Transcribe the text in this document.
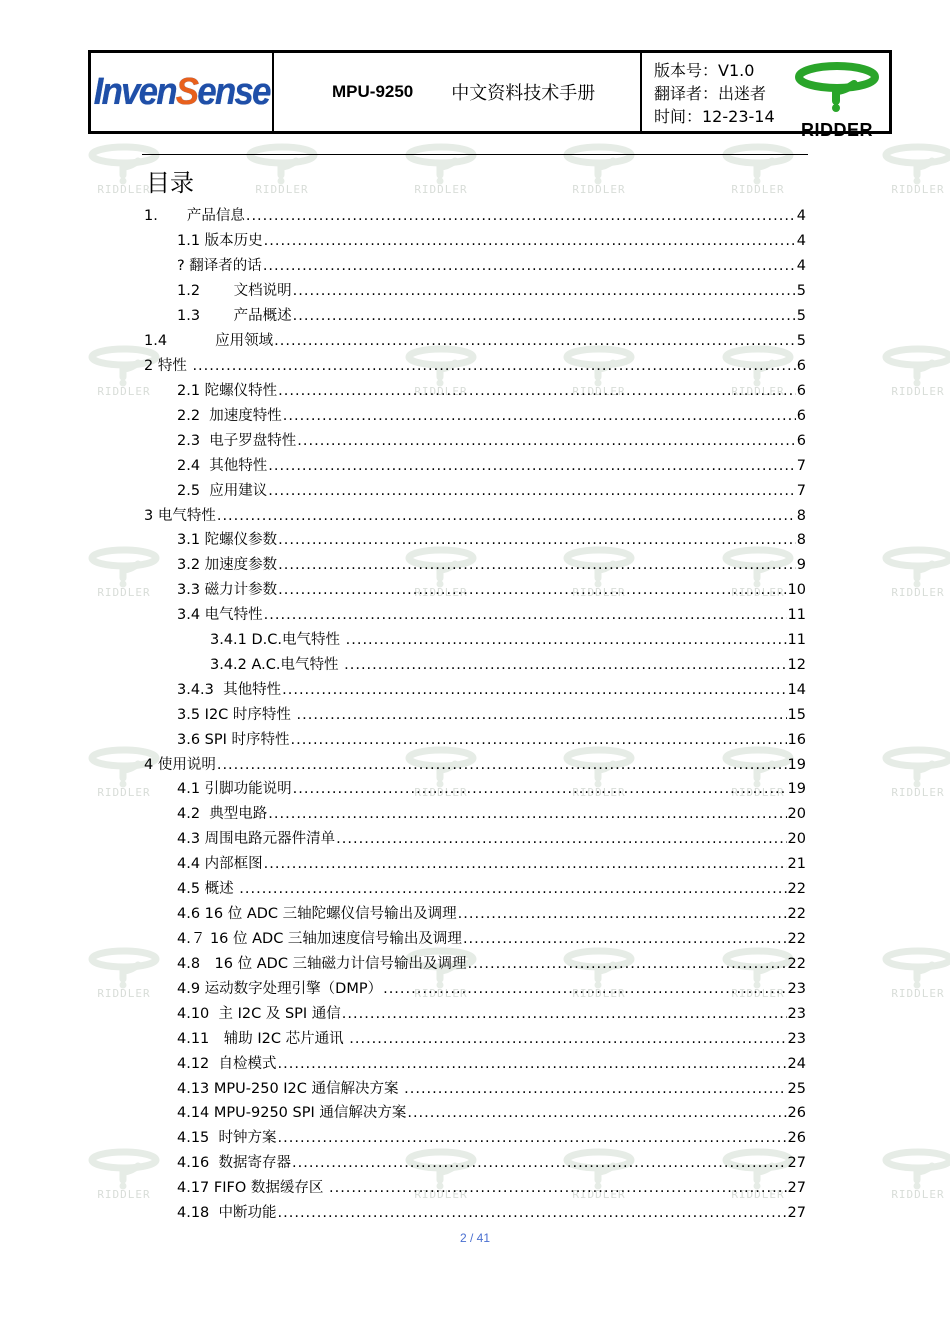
RIDDLER	RIDDLER	RIDDLER	RIDDLER	RIDDLER	RIDDLER
RIDDLER	RIDDLER	RIDDLER	RIDDLER	RIDDLER
RIDDLER	RIDDLER	RIDDLER	RIDDLER	RIDDLER
RIDDLER	RIDDLER	RIDDLER	RIDDLER	RIDDLER
RIDDLER	RIDDLER	RIDDLER	RIDDLER	RIDDLER
RIDDLER	RIDDLER	RIDDLER	RIDDLER	RIDDLER
InvenSense	MPU-9250 中文资料技术手册
版本号：V1.0
翻译者：出迷者
时间：12-23-14
RIDDER
目录
1.　　产品信息 .....	4
1.1 版本历史 .....	4
? 翻译者的话 .....	4
1.2　　 文档说明 .....	5
1.3　　 产品概述 .....	5
1.4　　 　应用领域 .....	5
2 特性 .....	6
2.1 陀螺仪特性 .....	6
2.2  加速度特性 .....	6
2.3  电子罗盘特性 .....	6
2.4  其他特性 .....	7
2.5  应用建议 .....	7
3 电气特性 .....	8
3.1 陀螺仪参数 .....	8
3.2 加速度参数 .....	9
3.3 磁力计参数 .....	10
3.4 电气特性 .....	11
3.4.1 D.C.电气特性 .....	11
3.4.2 A.C.电气特性 .....	12
3.4.3  其他特性 .....	14
3.5 I2C 时序特性 .....	15
3.6 SPI 时序特性 .....	16
4 使用说明 .....	19
4.1 引脚功能说明 .....	19
4.2  典型电路 .....	20
4.3 周围电路元器件清单 .....	20
4.4 内部框图 .....	21
4.5 概述 .....	22
4.6 16 位 ADC 三轴陀螺仪信号输出及调理 .....	22
4.７ 16 位 ADC 三轴加速度信号输出及调理 .....	22
4.8　16 位 ADC 三轴磁力计信号输出及调理 .....	22
4.9 运动数字处理引擎（DMP） .....	23
4.10  主 I2C 及 SPI 通信 .....	23
4.11　辅助 I2C 芯片通讯 .....	23
4.12  自检模式 .....	24
4.13 MPU-250 I2C 通信解决方案 .....	25
4.14 MPU-9250 SPI 通信解决方案 .....	26
4.15  时钟方案 .....	26
4.16  数据寄存器 .....	27
4.17 FIFO 数据缓存区 .....	27
4.18  中断功能 .....	27
2 / 41
